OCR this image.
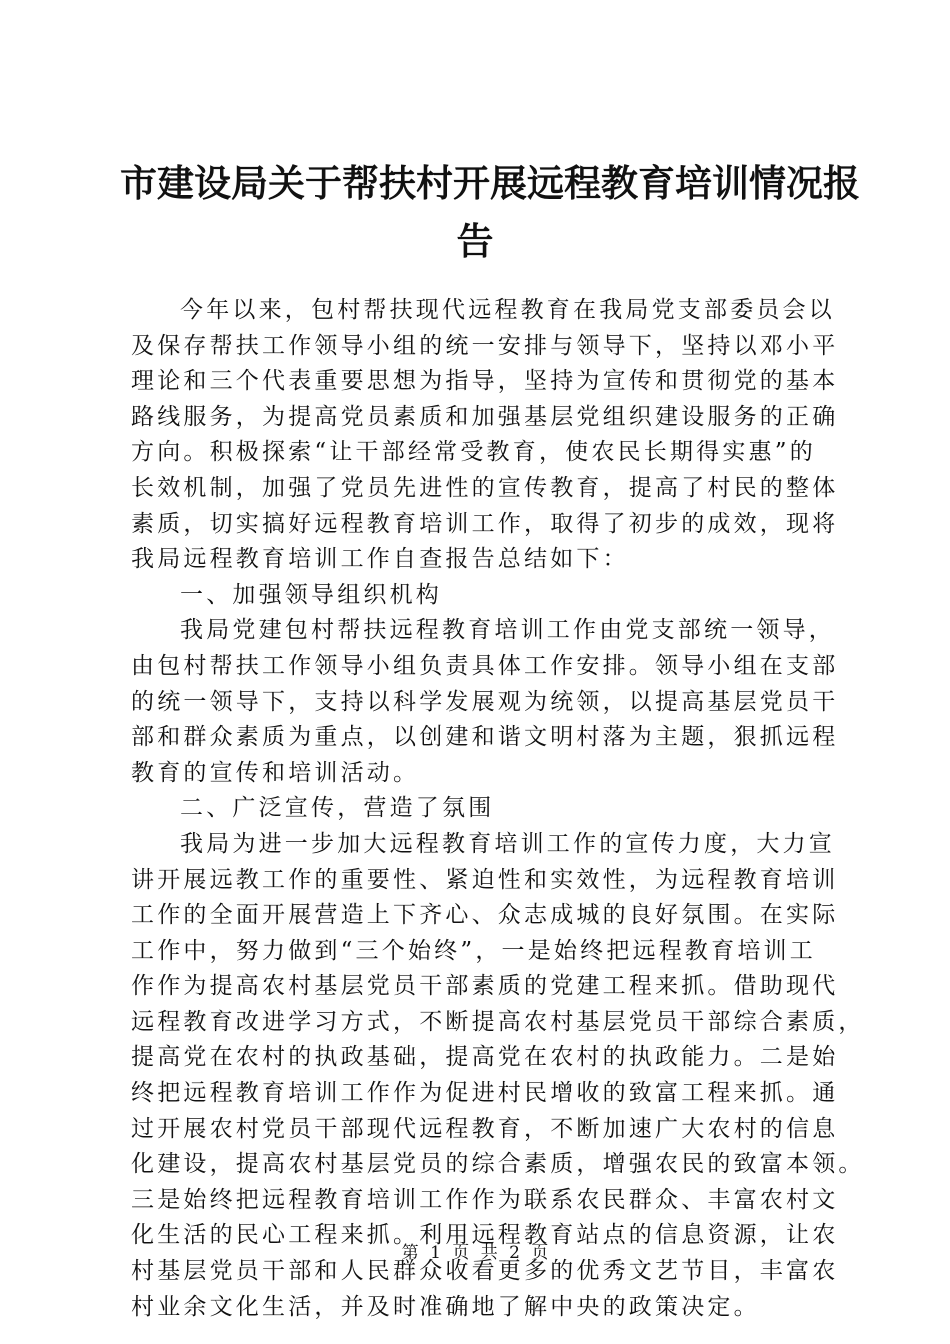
市建设局关于帮扶村开展远程教育培训情况报
告
今年以来，包村帮扶现代远程教育在我局党支部委员会以
及保存帮扶工作领导小组的统一安排与领导下，坚持以邓小平
理论和三个代表重要思想为指导，坚持为宣传和贯彻党的基本
路线服务，为提高党员素质和加强基层党组织建设服务的正确
方向。积极探索“让干部经常受教育，使农民长期得实惠”的
长效机制，加强了党员先进性的宣传教育，提高了村民的整体
素质，切实搞好远程教育培训工作，取得了初步的成效，现将
我局远程教育培训工作自查报告总结如下：
一、加强领导组织机构
我局党建包村帮扶远程教育培训工作由党支部统一领导，
由包村帮扶工作领导小组负责具体工作安排。领导小组在支部
的统一领导下，支持以科学发展观为统领，以提高基层党员干
部和群众素质为重点，以创建和谐文明村落为主题，狠抓远程
教育的宣传和培训活动。
二、广泛宣传，营造了氛围
我局为进一步加大远程教育培训工作的宣传力度，大力宣
讲开展远教工作的重要性、紧迫性和实效性，为远程教育培训
工作的全面开展营造上下齐心、众志成城的良好氛围。在实际
工作中，努力做到“三个始终”，一是始终把远程教育培训工
作作为提高农村基层党员干部素质的党建工程来抓。借助现代
远程教育改进学习方式，不断提高农村基层党员干部综合素质，
提高党在农村的执政基础，提高党在农村的执政能力。二是始
终把远程教育培训工作作为促进村民增收的致富工程来抓。通
过开展农村党员干部现代远程教育，不断加速广大农村的信息
化建设，提高农村基层党员的综合素质，增强农民的致富本领。
三是始终把远程教育培训工作作为联系农民群众、丰富农村文
化生活的民心工程来抓。利用远程教育站点的信息资源，让农
村基层党员干部和人民群众收看更多的优秀文艺节目，丰富农
村业余文化生活，并及时准确地了解中央的政策决定。
第 1 页 共 2 页
